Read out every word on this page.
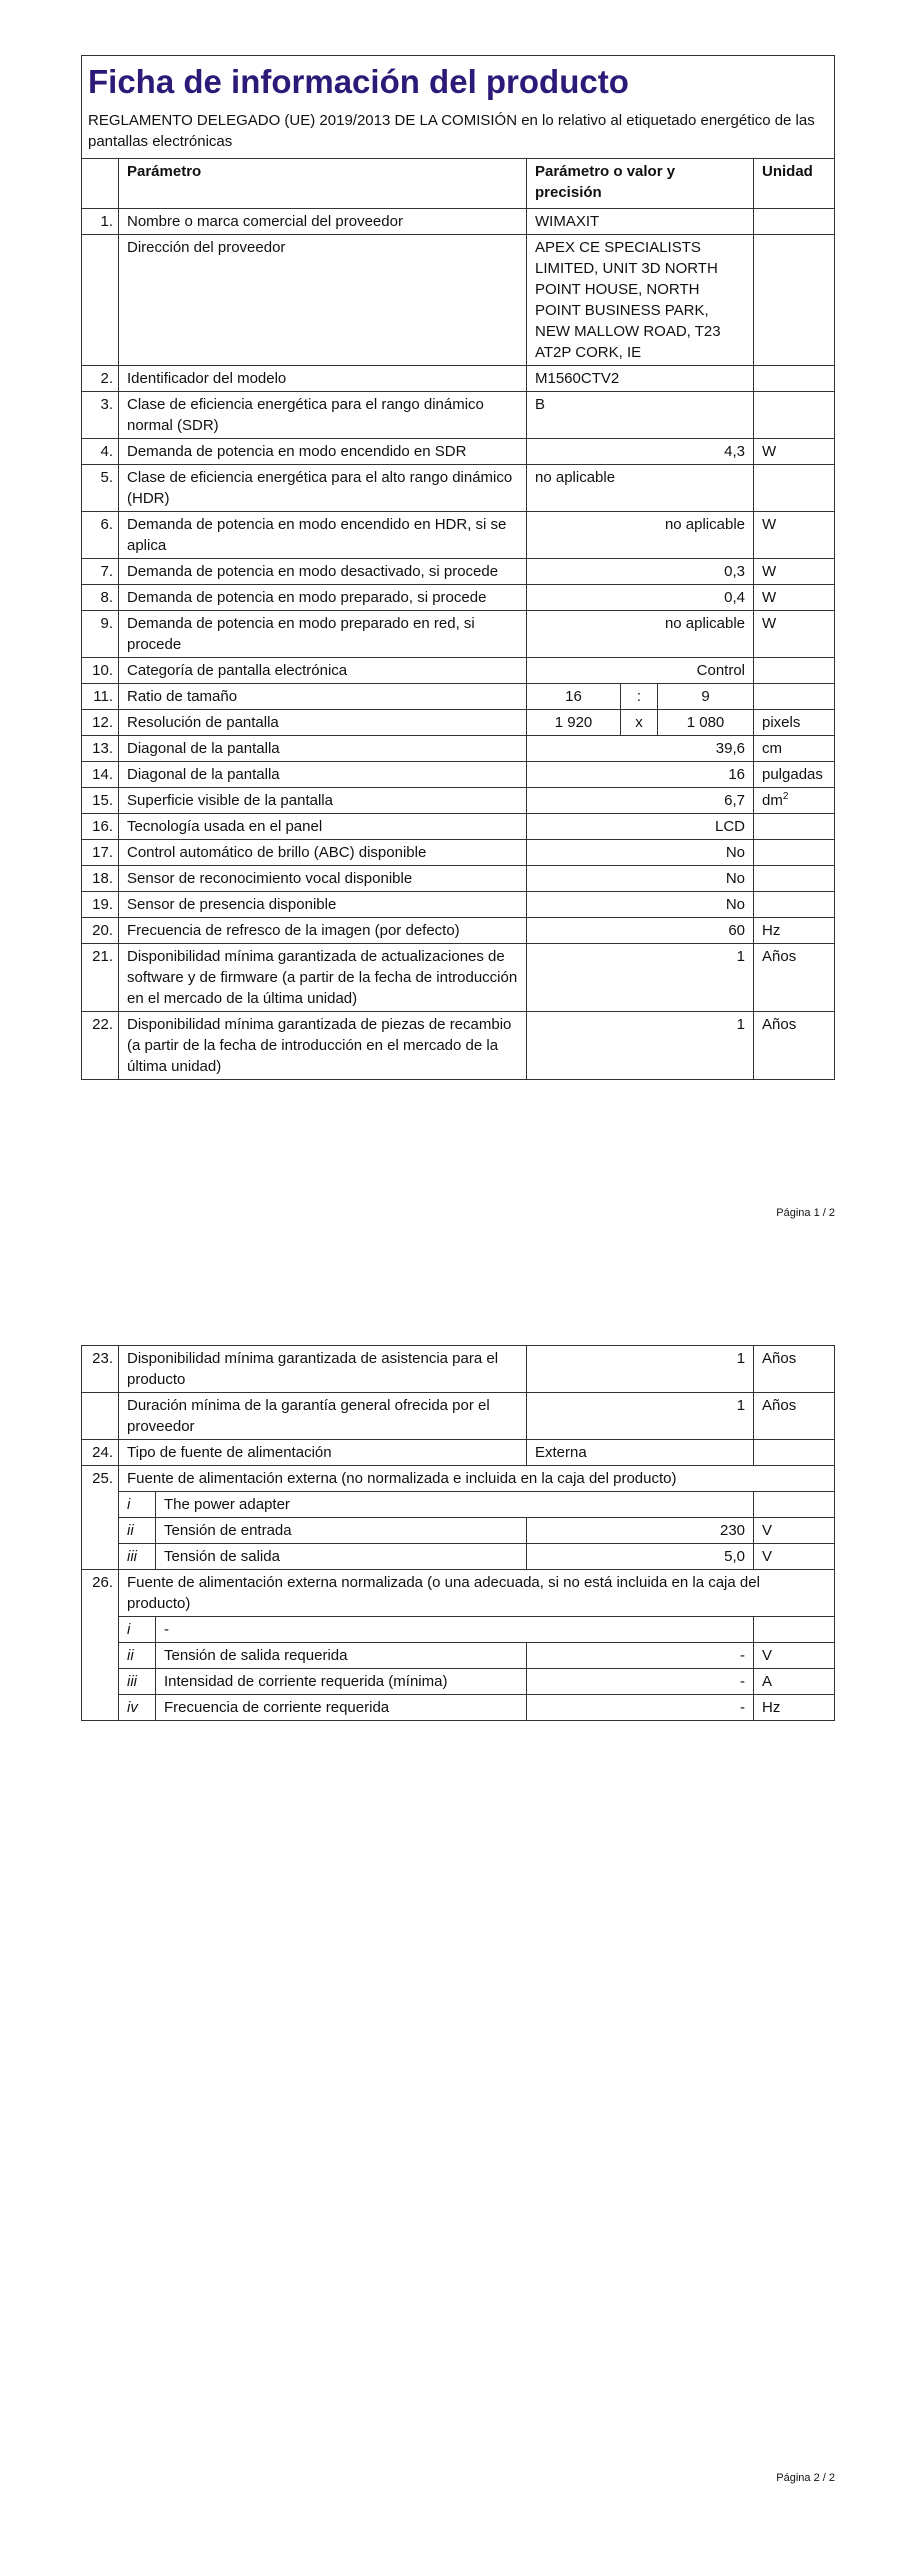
Ficha de información del producto
REGLAMENTO DELEGADO (UE) 2019/2013 DE LA COMISIÓN en lo relativo al etiquetado energético de las pantallas electrónicas					

	Parámetro	Parámetro o valor y precisión			Unidad
1.	Nombre o marca comercial del proveedor	WIMAXIT			
	Dirección del proveedor	APEX CE SPECIALISTS LIMITED, UNIT 3D NORTH POINT HOUSE, NORTH POINT BUSINESS PARK, NEW MALLOW ROAD, T23 AT2P CORK, IE			
2.	Identificador del modelo	M1560CTV2			
3.	Clase de eficiencia energética para el rango dinámico normal (SDR)	B			
4.	Demanda de potencia en modo encendido en SDR	4,3			W
5.	Clase de eficiencia energética para el alto rango dinámico (HDR)	no aplicable			
6.	Demanda de potencia en modo encendido en HDR, si se aplica	no aplicable			W
7.	Demanda de potencia en modo desactivado, si procede	0,3			W
8.	Demanda de potencia en modo preparado, si procede	0,4			W
9.	Demanda de potencia en modo preparado en red, si procede	no aplicable			W
10.	Categoría de pantalla electrónica	Control			
11.	Ratio de tamaño	16	:	9	
12.	Resolución de pantalla	1 920	x	1 080	pixels
13.	Diagonal de la pantalla	39,6			cm
14.	Diagonal de la pantalla	16			pulgadas
15.	Superficie visible de la pantalla	6,7			$dm^2$
16.	Tecnología usada en el panel	LCD			
17.	Control automático de brillo (ABC) disponible	No			
18.	Sensor de reconocimiento vocal disponible	No			
19.	Sensor de presencia disponible	No			
20.	Frecuencia de refresco de la imagen (por defecto)	60			Hz
21.	Disponibilidad mínima garantizada de actualizaciones de software y de firmware (a partir de la fecha de introducción en el mercado de la última unidad)	1			Años
22.	Disponibilidad mínima garantizada de piezas de recambio (a partir de la fecha de introducción en el mercado de la última unidad)	1			Años
Página 1 / 2
23.	Disponibilidad mínima garantizada de asistencia para el producto		1	Años
	Duración mínima de la garantía general ofrecida por el proveedor		1	Años
24.	Tipo de fuente de alimentación		Externa	
25.	Fuente de alimentación externa (no normalizada e incluida en la caja del producto)			
	i	The power adapter		
	ii	Tensión de entrada	230	V
	iii	Tensión de salida	5,0	V
26.	Fuente de alimentación externa normalizada (o una adecuada, si no está incluida en la caja del producto)			
	i	-		
	ii	Tensión de salida requerida	-	V
	iii	Intensidad de corriente requerida (mínima)	-	A
	iv	Frecuencia de corriente requerida	-	Hz
Página 2 / 2
